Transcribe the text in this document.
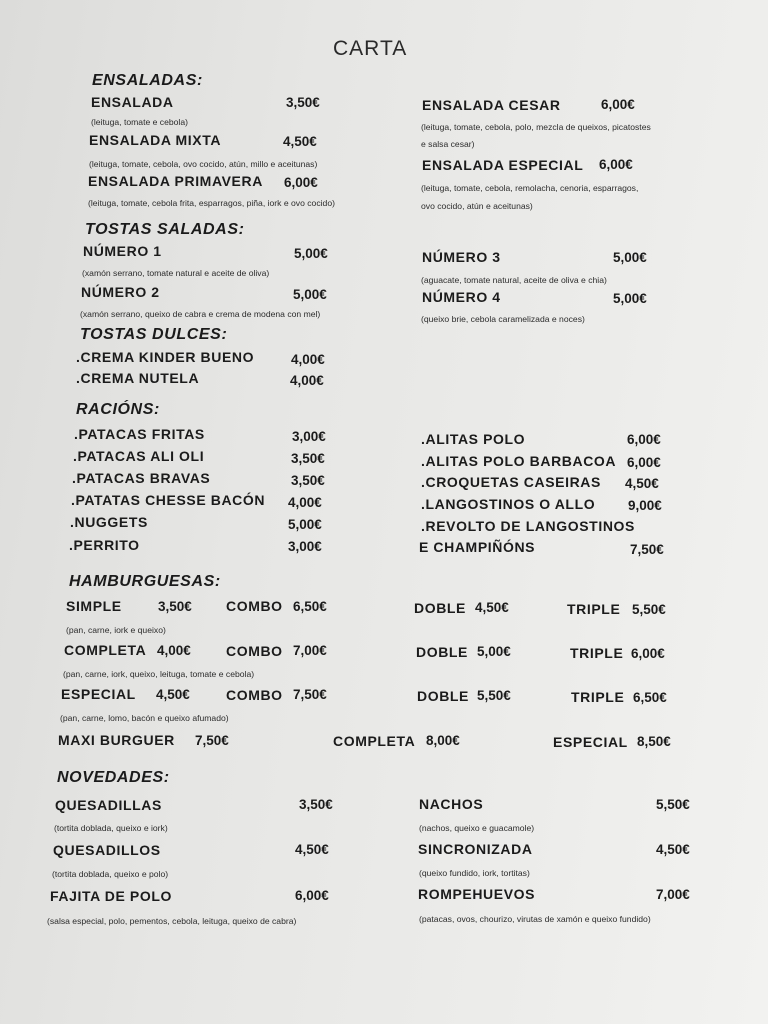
CARTA
ENSALADAS:
ENSALADA	3,50€
(leituga, tomate e cebola)
ENSALADA MIXTA	4,50€
(leituga, tomate, cebola, ovo cocido, atún, millo e aceitunas)
ENSALADA PRIMAVERA 6,00€
(leituga, tomate, cebola frita, esparragos, piña, iork e ovo cocido)
ENSALADA CESAR	6,00€
(leituga, tomate, cebola, polo, mezcla de queixos, picatostes
e salsa cesar)
ENSALADA ESPECIAL 6,00€
(leituga, tomate, cebola, remolacha, cenoria, esparragos,
ovo cocido, atún e aceitunas)
TOSTAS SALADAS:
NÚMERO 1	5,00€
(xamón serrano, tomate natural e aceite de oliva)
NÚMERO 2	5,00€
(xamón serrano, queixo de cabra e crema de modena con mel)
NÚMERO 3	5,00€
(aguacate, tomate natural, aceite de oliva e chia)
NÚMERO 4	5,00€
(queixo brie, cebola caramelizada e noces)
TOSTAS DULCES:
.CREMA KINDER BUENO	4,00€
.CREMA NUTELA	4,00€
RACIÓNS:
.PATACAS FRITAS	3,00€
.PATACAS ALI OLI	3,50€
.PATACAS BRAVAS	3,50€
.PATATAS CHESSE BACÓN 4,00€
.NUGGETS	5,00€
.PERRITO	3,00€
.ALITAS POLO	6,00€
.ALITAS POLO BARBACOA 6,00€
.CROQUETAS CASEIRAS 4,50€
.LANGOSTINOS O ALLO 9,00€
.REVOLTO DE LANGOSTINOS
E CHAMPIÑÓNS	7,50€
HAMBURGUESAS:
SIMPLE	3,50€ COMBO 6,50€	DOBLE 4,50€	TRIPLE 5,50€
(pan, carne, iork e queixo)
COMPLETA 4,00€	COMBO 7,00€	DOBLE 5,00€	TRIPLE 6,00€
(pan, carne, iork, queixo, leituga, tomate e cebola)
ESPECIAL 4,50€	COMBO 7,50€	DOBLE 5,50€	TRIPLE 6,50€
(pan, carne, lomo, bacón e queixo afumado)
MAXI BURGUER 7,50€	COMPLETA 8,00€	ESPECIAL 8,50€
NOVEDADES:
QUESADILLAS	3,50€
(tortita doblada, queixo e iork)
QUESADILLOS	4,50€
(tortita doblada, queixo e polo)
FAJITA DE POLO	6,00€
(salsa especial, polo, pementos, cebola, leituga, queixo de cabra)
NACHOS	5,50€
(nachos, queixo e guacamole)
SINCRONIZADA	4,50€
(queixo fundido, iork, tortitas)
ROMPEHUEVOS	7,00€
(patacas, ovos, chourizo, virutas de xamón e queixo fundido)
